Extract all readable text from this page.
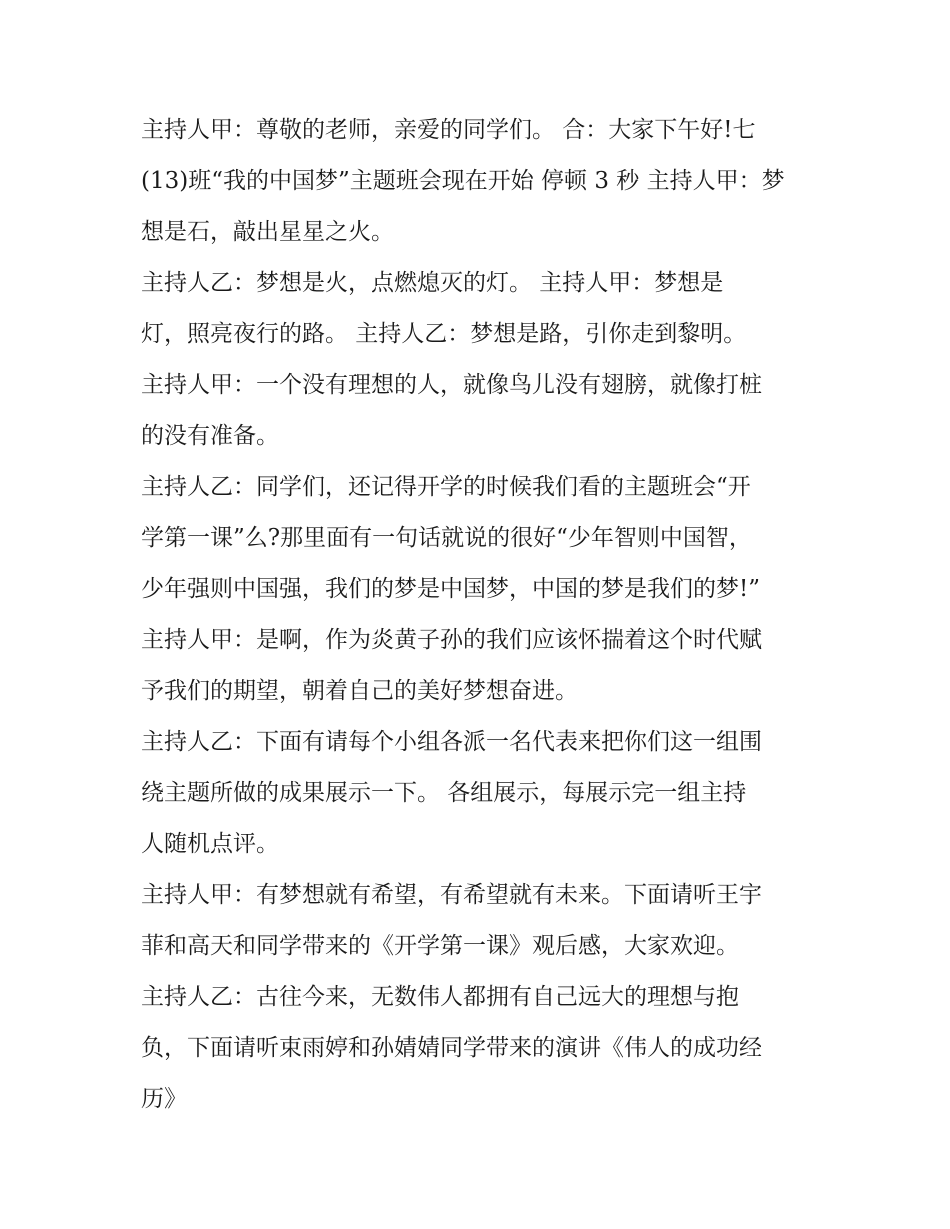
主持人甲：尊敬的老师，亲爱的同学们。 合：大家下午好!七
(13)班“我的中国梦”主题班会现在开始 停顿 3 秒 主持人甲：梦
想是石，敲出星星之火。
主持人乙：梦想是火，点燃熄灭的灯。 主持人甲：梦想是
灯，照亮夜行的路。 主持人乙：梦想是路，引你走到黎明。
主持人甲：一个没有理想的人，就像鸟儿没有翅膀，就像打桩
的没有准备。
主持人乙：同学们，还记得开学的时候我们看的主题班会“开
学第一课”么?那里面有一句话就说的很好“少年智则中国智，
少年强则中国强，我们的梦是中国梦，中国的梦是我们的梦!”
主持人甲：是啊，作为炎黄子孙的我们应该怀揣着这个时代赋
予我们的期望，朝着自己的美好梦想奋进。
主持人乙：下面有请每个小组各派一名代表来把你们这一组围
绕主题所做的成果展示一下。 各组展示，每展示完一组主持
人随机点评。
主持人甲：有梦想就有希望，有希望就有未来。下面请听王宇
菲和高天和同学带来的《开学第一课》观后感，大家欢迎。
主持人乙：古往今来，无数伟人都拥有自己远大的理想与抱
负，下面请听束雨婷和孙婧婧同学带来的演讲《伟人的成功经
历》
